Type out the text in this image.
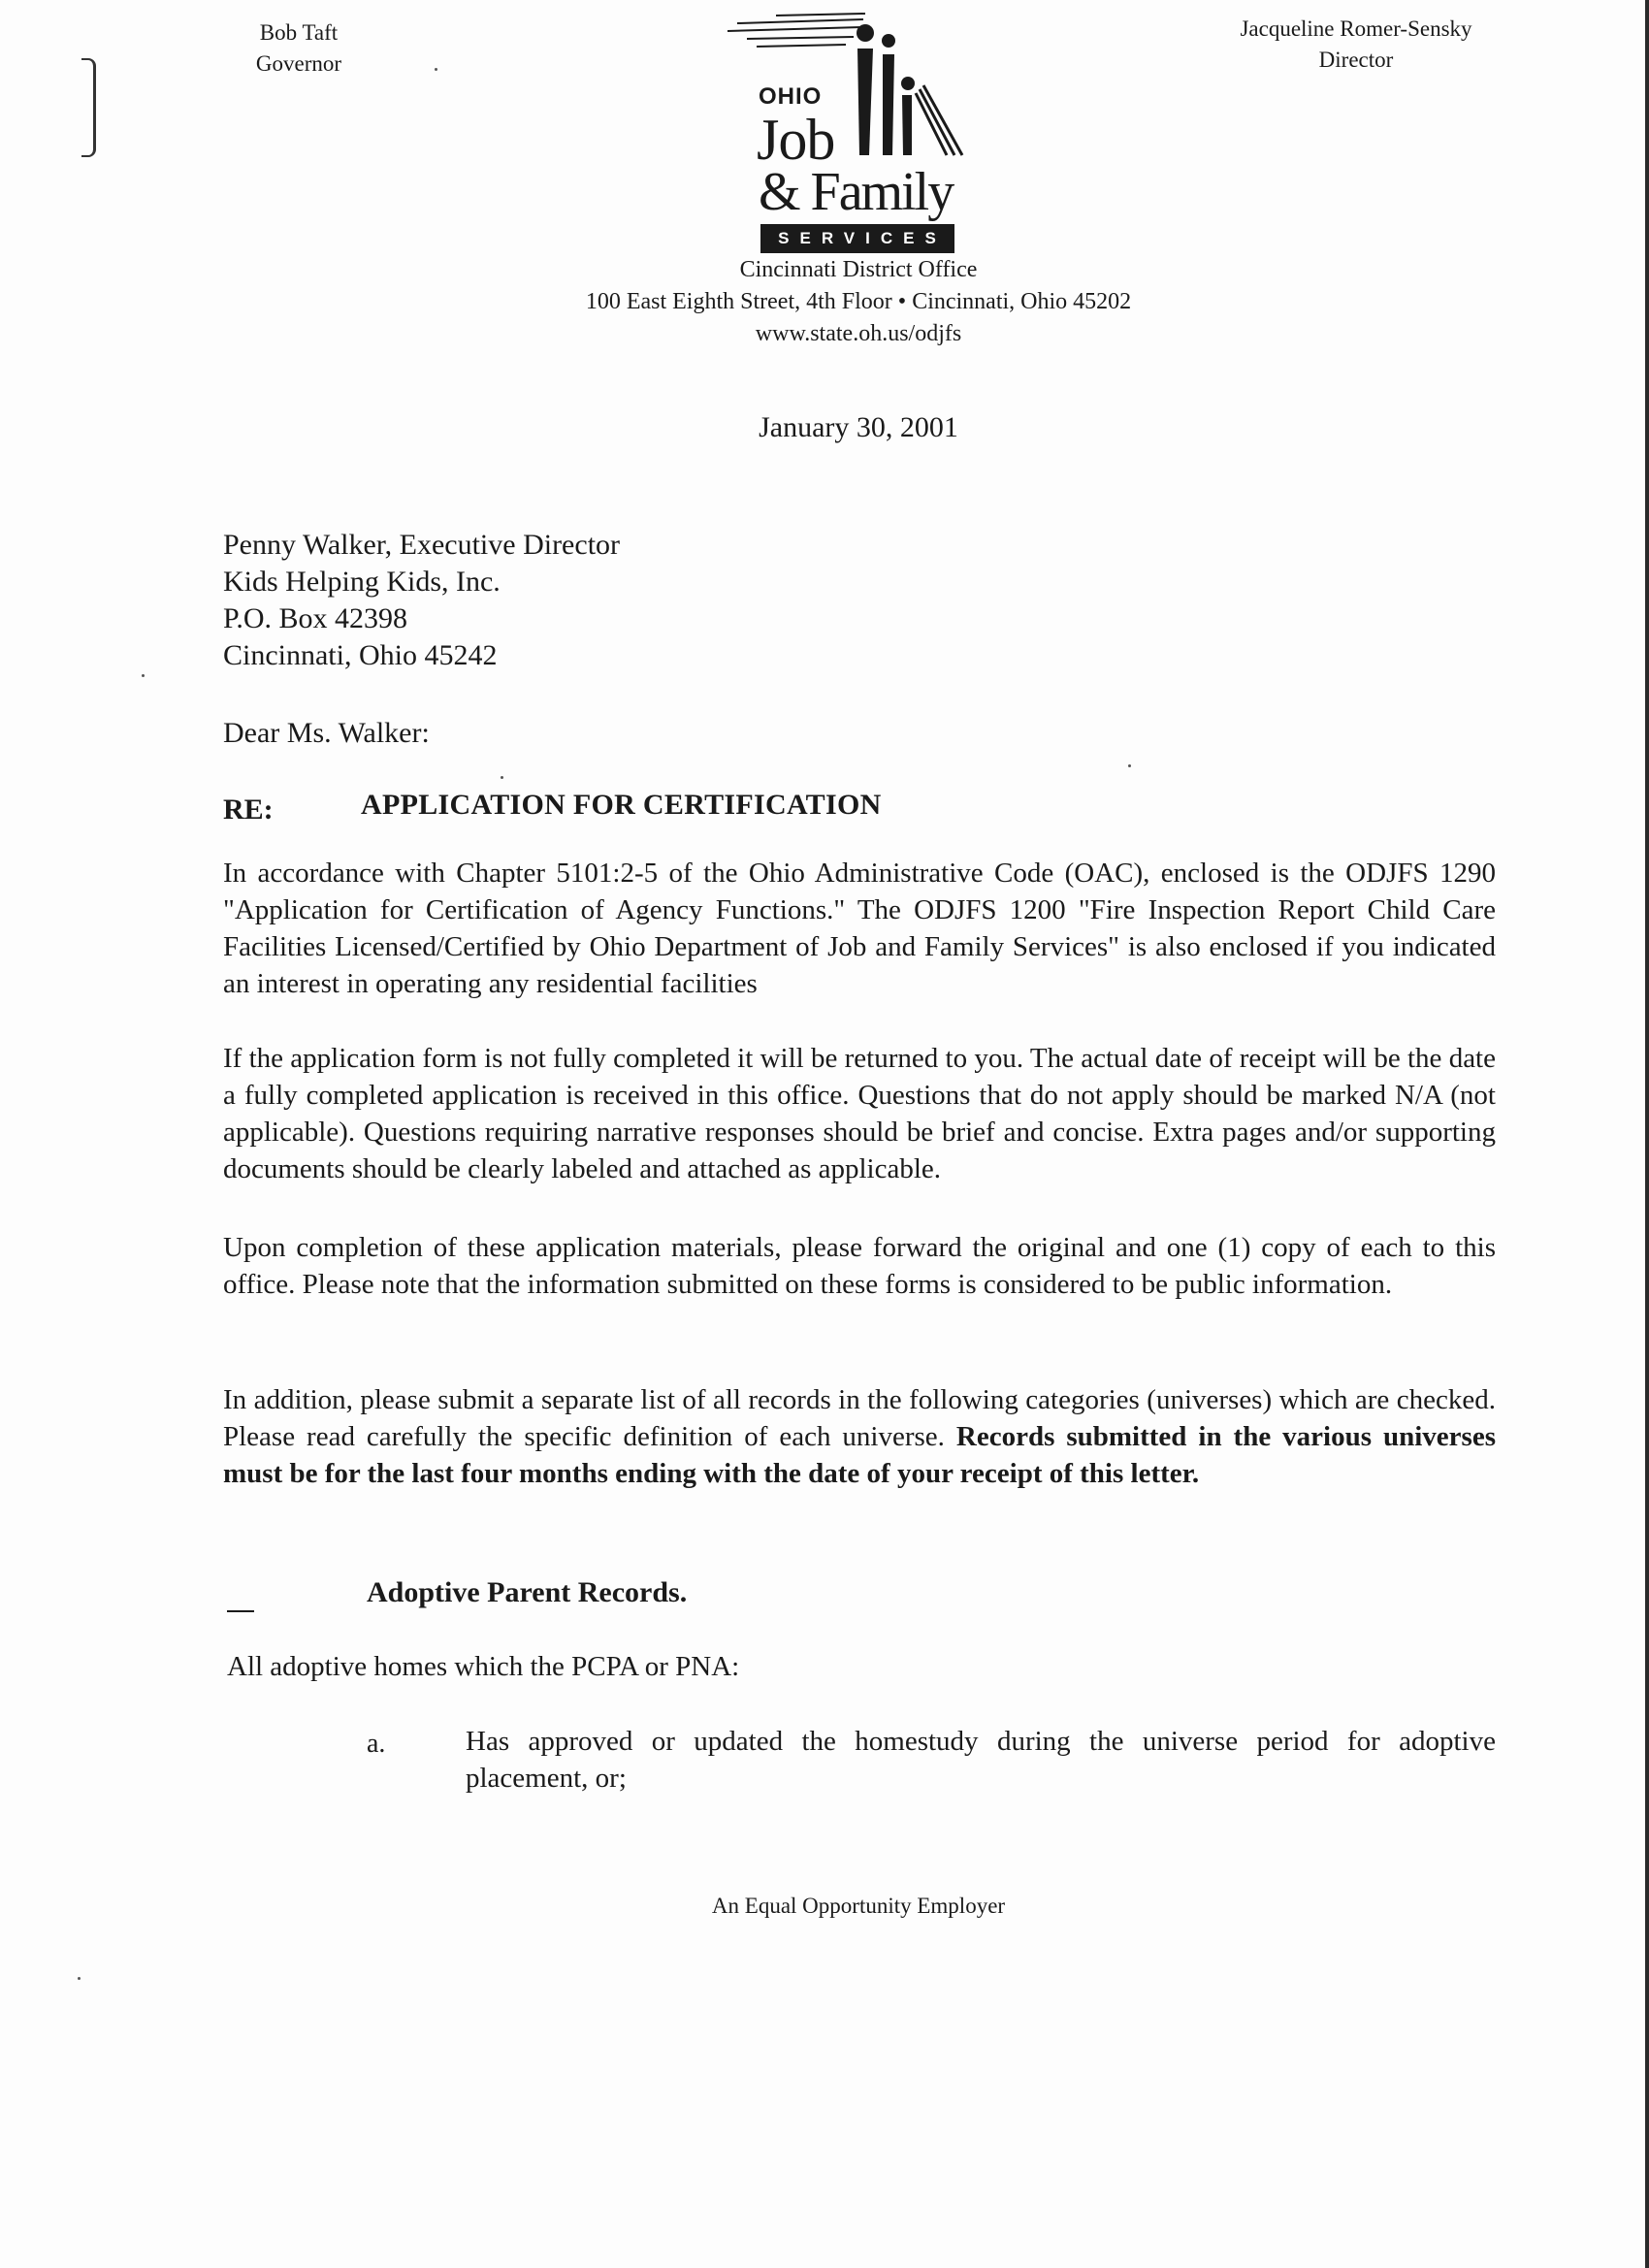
Bob Taft
Governor
OHIO
Job
& Family
SERVICES
Jacqueline Romer-Sensky
Director
Cincinnati District Office
100 East Eighth Street, 4th Floor • Cincinnati, Ohio 45202
www.state.oh.us/odjfs
January 30, 2001
Penny Walker, Executive Director
Kids Helping Kids, Inc.
P.O. Box 42398
Cincinnati, Ohio 45242
Dear Ms. Walker:
RE:	APPLICATION FOR CERTIFICATION
In accordance with Chapter 5101:2-5 of the Ohio Administrative Code (OAC), enclosed is the ODJFS 1290 "Application for Certification of Agency Functions." The ODJFS 1200 "Fire Inspection Report Child Care Facilities Licensed/Certified by Ohio Department of Job and Family Services" is also enclosed if you indicated an interest in operating any residential facilities
If the application form is not fully completed it will be returned to you. The actual date of receipt will be the date a fully completed application is received in this office. Questions that do not apply should be marked N/A (not applicable). Questions requiring narrative responses should be brief and concise. Extra pages and/or supporting documents should be clearly labeled and attached as applicable.
Upon completion of these application materials, please forward the original and one (1) copy of each to this office. Please note that the information submitted on these forms is considered to be public information.
In addition, please submit a separate list of all records in the following categories (universes) which are checked. Please read carefully the specific definition of each universe. Records submitted in the various universes must be for the last four months ending with the date of your receipt of this letter.
Adoptive Parent Records.
All adoptive homes which the PCPA or PNA:
a.	Has approved or updated the homestudy during the universe period for adoptive placement, or;
An Equal Opportunity Employer
